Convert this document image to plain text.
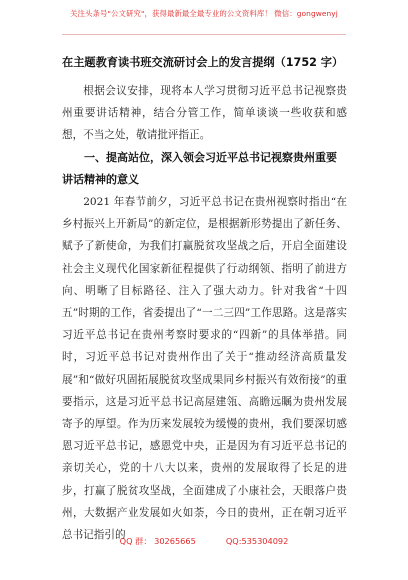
关注头条号"公文研究"，获得最新最全最专业的公文资料库！ 微信：gongwenyj
在主题教育读书班交流研讨会上的发言提纲（1752 字）

根据会议安排，现将本人学习贯彻习近平总书记视察贵州重要讲话精神，结合分管工作，简单谈谈一些收获和感想，不当之处，敬请批评指正。

一、提高站位，深入领会习近平总书记视察贵州重要讲话精神的意义

2021 年春节前夕，习近平总书记在贵州视察时指出“在乡村振兴上开新局”的新定位，是根据新形势提出了新任务、赋予了新使命，为我们打赢脱贫攻坚战之后，开启全面建设社会主义现代化国家新征程提供了行动纲领、指明了前进方向、明晰了目标路径、注入了强大动力。针对我省“十四五”时期的工作，省委提出了“一二三四”工作思路。这是落实习近平总书记在贵州考察时要求的“四新”的具体举措。同时，习近平总书记对贵州作出了关于“推动经济高质量发展”和“做好巩固拓展脱贫攻坚成果同乡村振兴有效衔接”的重要指示，这是习近平总书记高屋建瓴、高瞻远瞩为贵州发展寄予的厚望。作为历来发展较为缓慢的贵州，我们要深切感恩习近平总书记，感恩党中央，正是因为有习近平总书记的亲切关心，党的十八大以来，贵州的发展取得了长足的进步，打赢了脱贫攻坚战，全面建成了小康社会，天眼落户贵州，大数据产业发展如火如荼，今日的贵州，正在朝习近平总书记指引的

QQ 群： 30265665	QQ:535304092
